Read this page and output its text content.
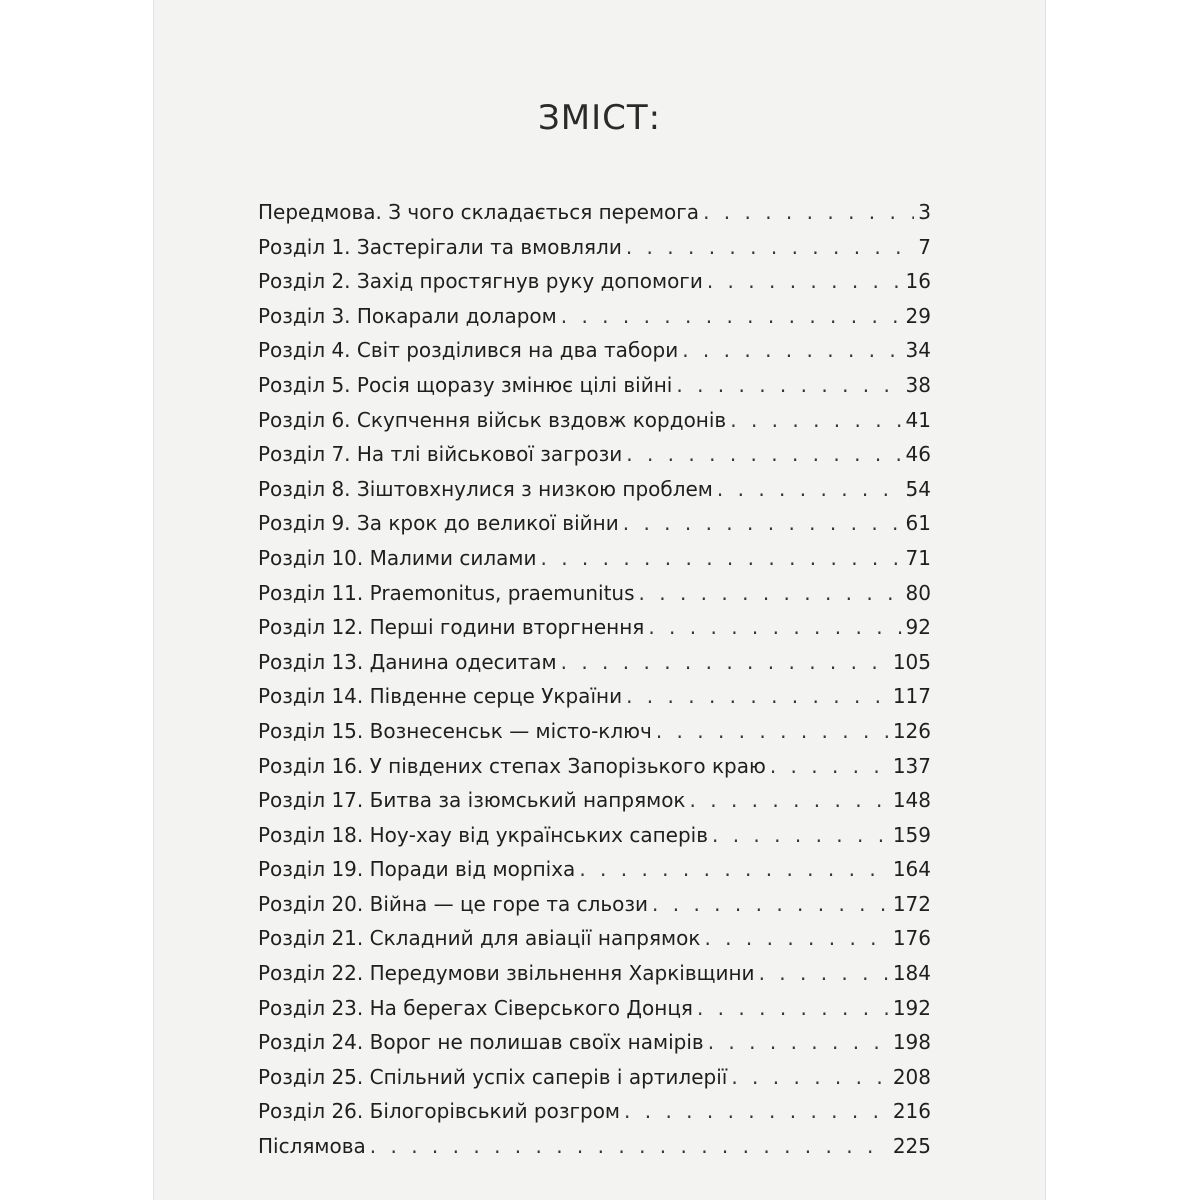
ЗМІСТ:
Передмова. З чого складається перемога . . .	3
Розділ 1. Застерігали та вмовляли . . .	7
Розділ 2. Захід простягнув руку допомоги . . .	16
Розділ 3. Покарали доларом . . .	29
Розділ 4. Світ розділився на два табори . . .	34
Розділ 5. Росія щоразу змінює цілі війні . . .	38
Розділ 6. Скупчення військ вздовж кордонів . . .	41
Розділ 7. На тлі військової загрози . . .	46
Розділ 8. Зіштовхнулися з низкою проблем . . .	54
Розділ 9. За крок до великої війни . . .	61
Розділ 10. Малими силами . . .	71
Розділ 11. Praemonitus, praemunitus . . .	80
Розділ 12. Перші години вторгнення . . .	92
Розділ 13. Данина одеситам . . .	105
Розділ 14. Південне серце України . . .	117
Розділ 15. Вознесенськ — місто-ключ . . .	126
Розділ 16. У південих степах Запорізького краю . . .	137
Розділ 17. Битва за ізюмський напрямок . . .	148
Розділ 18. Ноу-хау від українських саперів . . .	159
Розділ 19. Поради від морпіха . . .	164
Розділ 20. Війна — це горе та сльози . . .	172
Розділ 21. Складний для авіації напрямок . . .	176
Розділ 22. Передумови звільнення Харківщини . . .	184
Розділ 23. На берегах Сіверського Донця . . .	192
Розділ 24. Ворог не полишав своїх намірів . . .	198
Розділ 25. Спільний успіх саперів і артилерії . . .	208
Розділ 26. Білогорівський розгром . . .	216
Післямова . . .	225
